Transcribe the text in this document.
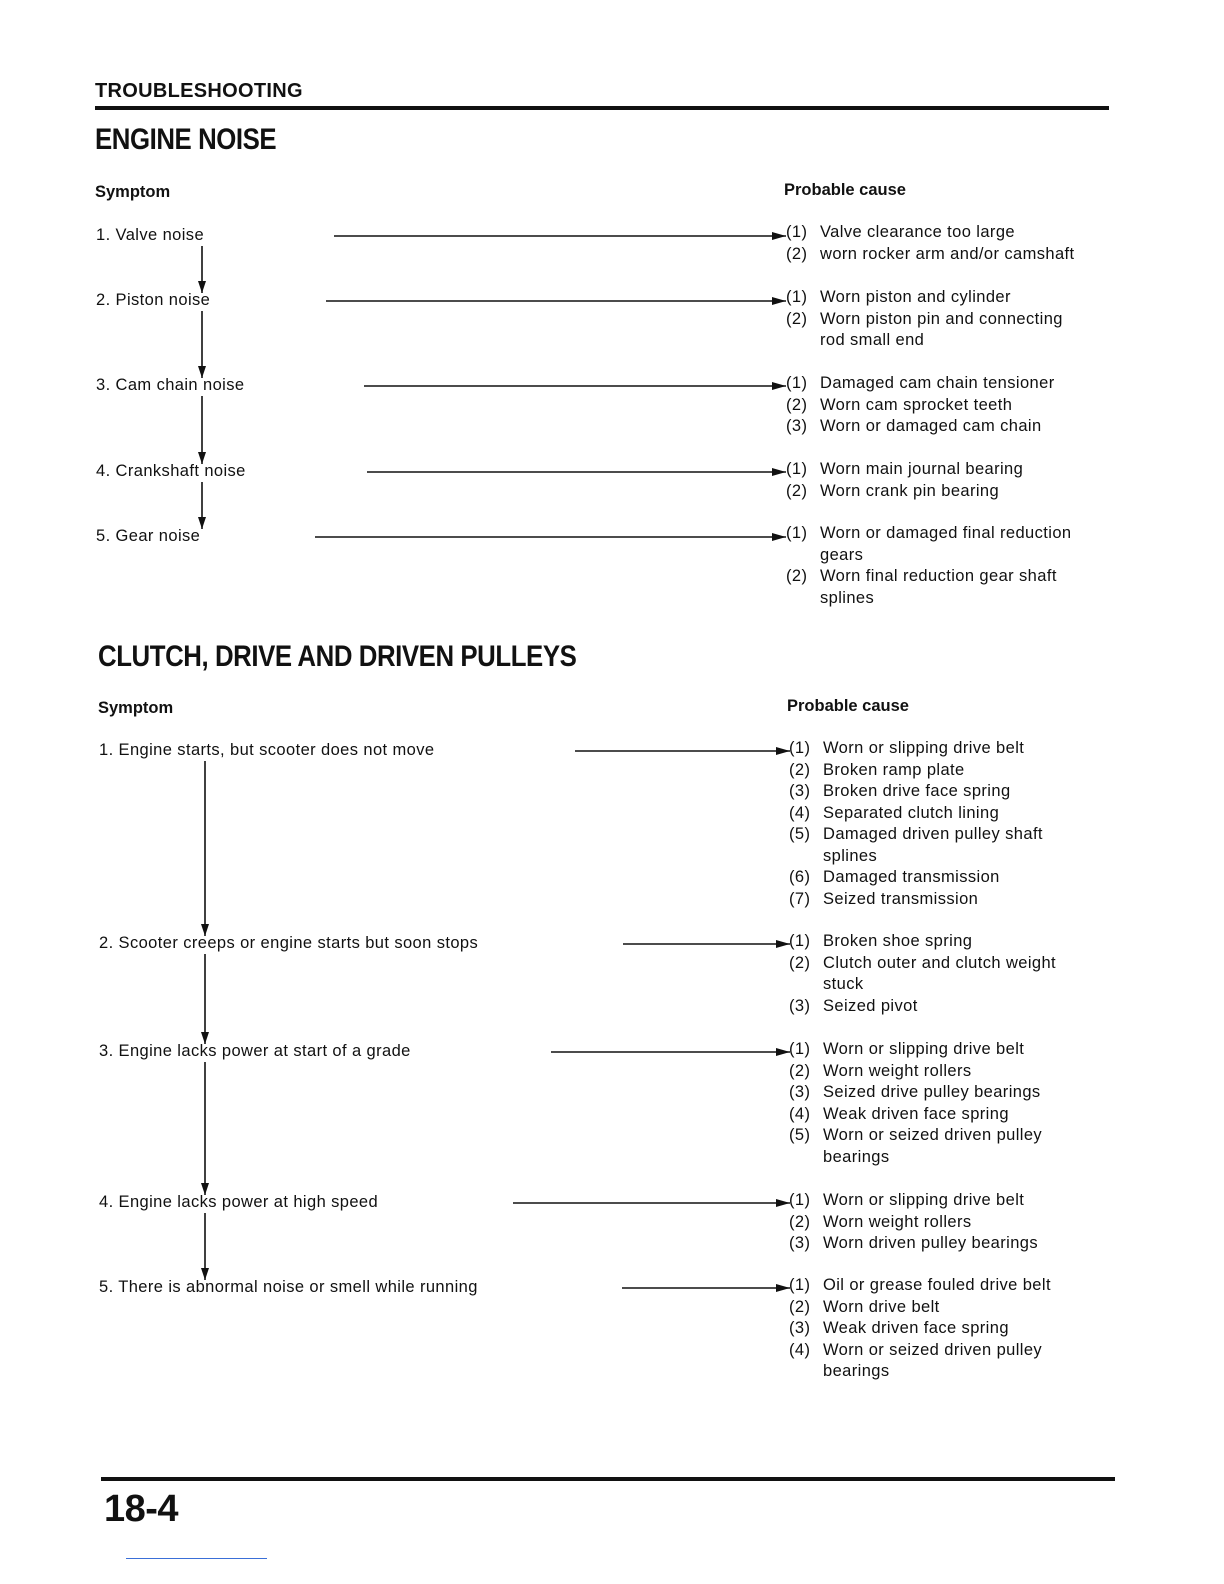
TROUBLESHOOTING
ENGINE NOISE
Symptom	Probable cause
CLUTCH, DRIVE AND DRIVEN PULLEYS
Symptom	Probable cause
1. Valve noise	(1) Valve clearance too large
(2) worn rocker arm and/or camshaft
2. Piston noise	(1) Worn piston and cylinder
(2) Worn piston pin and connecting
rod small end
3. Cam chain noise	(1) Damaged cam chain tensioner
(2) Worn cam sprocket teeth
(3) Worn or damaged cam chain
4. Crankshaft noise	(1) Worn main journal bearing
(2) Worn crank pin bearing
5. Gear noise	(1) Worn or damaged final reduction
gears
(2) Worn final reduction gear shaft
splines
1. Engine starts, but scooter does not move	(1) Worn or slipping drive belt
(2) Broken ramp plate
(3) Broken drive face spring
(4) Separated clutch lining
(5) Damaged driven pulley shaft
splines
(6) Damaged transmission
(7) Seized transmission
2. Scooter creeps or engine starts but soon stops	(1) Broken shoe spring
(2) Clutch outer and clutch weight
stuck
(3) Seized pivot
3. Engine lacks power at start of a grade	(1) Worn or slipping drive belt
(2) Worn weight rollers
(3) Seized drive pulley bearings
(4) Weak driven face spring
(5) Worn or seized driven pulley
bearings
4. Engine lacks power at high speed	(1) Worn or slipping drive belt
(2) Worn weight rollers
(3) Worn driven pulley bearings
5. There is abnormal noise or smell while running	(1) Oil or grease fouled drive belt
(2) Worn drive belt
(3) Weak driven face spring
(4) Worn or seized driven pulley
bearings
18-4
